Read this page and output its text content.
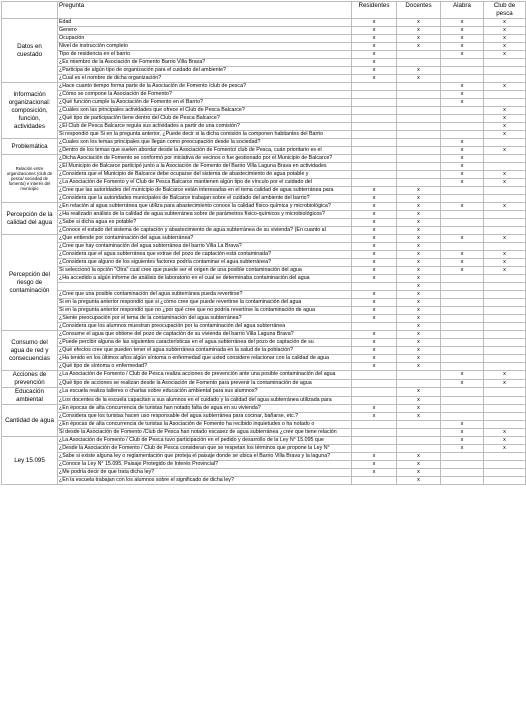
	Pregunta	Residentes	Docentes	Alabra	Club de pesca
Datos en cuestado	Edad	x	x	x	x
	Genero	x	x	x	x
	Ocupación	x	x	x	x
	Nivel de instrucción completo	x	x	x	x
	Tipo de residencia en el barrio	x		x	x
	¿Es miembro de la Asociación de Fomento Barrio Villa Brava?	x			
	¿Participa de algún tipo de organización para el cuidado del ambiente?	x	x		
	¿Cual es el nombre de dicha organización?	x	x		
Información organizacional: composición, función, actividades	¿Hace cuanto tiempo forma parte de la Asociación de Fomento /club de pesca?			x	x
	¿Cómo se compone la Asociación de Fomento?			x	
	¿Qué función cumple la Asociación de Fomento en el Barrio?			x	
	¿Cuáles son las principales actividades que ofrece el Club de Pesca Balcarce?				x
	¿Qué tipo de participación tiene dentro del Club de Pesca Balcarce?				x
	¿El Club de Pesca Balcarce regula sus actividades a partir de una comisión?				x
	Si respondió que Si en la pregunta anterior, ¿Puede decir si la dicha comisión la componen habitantes del Barrio				x
Problemática	¿Cuales son los temas principales que llegan como preocupación desde la sociedad?			x	
	¿Dentro de los temas que suelen abordar desde la Asociación de Fomento/ club de Pesca, cuán prioritario es el			x	x
Relación entre organizaciones (club de pesca/ sociedad de fomento) e interés del municipio	¿Dicha Asociación de Fomento se conformó por iniciativa de vecinos o fue gestionado por el Municipio de Balcarce?			x	
	¿El Municipio de Balcarce participó junto a la Asociación de Fomento del Barrio Villa Laguna Brava en actividades			x	
	¿Considera que el Municipio de Balcarce debe ocuparse del sistema de abastecimiento de agua potable y			x	x
	¿La Asociación de Fomento y el Club de Pesca Balcarce mantienen algún tipo de vínculo por el cuidado del			x	x
	¿Cree que las autoridades del municipio de Balcarce están interesadas en el tema calidad de agua subterránea para	x	x		
	¿Considera que la autoridades municipales de Balcarce trabajan sobre el cuidado del ambiente del barrio?	x	x		
Percepción de la calidad del agua	¿En relación al agua subterránea que utiliza para abastecimiento conoce la calidad físico-química y microbiológica?	x	x	x	x
	¿Ha realizado análisis de la calidad de agua subterránea sobre de parámetros físico-químicos y microbiológicos?	x	x		
	¿Sabe si dicha agua es potable?	x	x		
	¿Conoce el estado del sistema de captación y abastecimiento de agua subterránea de su vivienda? (En cuanto al	x	x		
Percepción del riesgo de contaminación	¿Que entiende por contaminación del agua subterránea?	x	x	x	x
	¿Cree que hay contaminación del agua subterránea del barrio Villa La Brava?	x	x		
	¿Considera que el agua subterránea que extrae del pozo de captación está contaminada?	x	x	x	x
	¿Considera que alguno de los siguientes factores podría contaminar el agua subterránea?	x	x	x	x
	Si seleccionó la opción "Otra" cual cree que puede ser el origen de una posible contaminación del agua	x	x	x	x
	¿Ha accedido a algún informe de análisis de laboratorio en el cual se determinaba contaminación del agua	x	x		
			x		
	¿Cree que una posible contaminación del agua subterránea pueda revertirse?	x	x		
	Si en la pregunta anterior respondió que si ¿cómo cree que puede revertirse la contaminación del agua	x	x		
	Si en la pregunta anterior respondió que no ¿por qué cree que no podría revertirse la contaminación de agua	x	x		
	¿Siente preocupación por el tema de la contaminación del agua subterránea?	x	x		
	¿Considera que los alumnos muestran preocupación por la contaminación del agua subterránea		x		
Consumo del agua de red y consecuencias	¿Consume el agua que obtiene del pozo de captación de su vivienda del barrio Villa Laguna Brava?	x	x		
	¿Puede percibir alguna de las siguientes características en el agua subterránea del pozo de captación de su	x	x		
	¿Qué efectos cree que pueden tener el agua subterránea contaminada en la salud de la población?	x	x		
	¿Ha tenido en los últimos años algún síntoma o enfermedad que usted considere relacionar con la calidad de agua	x	x		
	¿Qué tipo de síntoma o enfermedad?	x	x		
Acciones de prevención	¿La Asociación de Fomento / Club de Pesca realiza acciones de prevención ante una posible contaminación del agua			x	x
	¿Qué tipo de acciones se realizan desde la Asociación de Fomento para prevenir la contaminación de agua			x	x
Educación ambiental	¿La escuela realiza talleres o charlas sobre educación ambiental para sus alumnos?		x		
	¿Los docentes de la escuela capacitan a sus alumnos en el cuidado y la calidad del agua subterránea utilizada para		x		
Cantidad de agua	¿En épocas de alta concurrencia de turistas han notado falta de agua en su vivienda?	x	x		
	¿Considera que los turistas hacen uso responsable del agua subterránea para cocinar, bañarse, etc.?	x	x		
	¿En épocas de alta concurrencia de turistas la Asociación de Fomento ha recibido inquietudes o ha notado o			x	
	Si desde la Asociación de Fomento /Club de Pesca han notado escasez de agua subterránea ¿cree que tiene relación			x	x
Ley 15.095	¿La Asociación de Fomento / Club de Pesca tuvo participación en el pedido y desarrollo de la Ley N° 15.095 que			x	x
	¿Desde la Asociación de Fomento / Club de Pesca consideran que se respetan los términos que propone la Ley N°			x	x
	¿Sabe si existe alguna ley o reglamentación que proteja el paisaje donde se ubica el Barrio Villa Brava y la laguna?	x	x		
	¿Conoce la Ley N° 15.095, Paisaje Protegido de Interés Provincial?	x	x		
	¿Me podría decir de que trata dicha ley?	x	x		
	¿En la escuela trabajan con los alumnos sobre el significado de dicha ley?		x		
